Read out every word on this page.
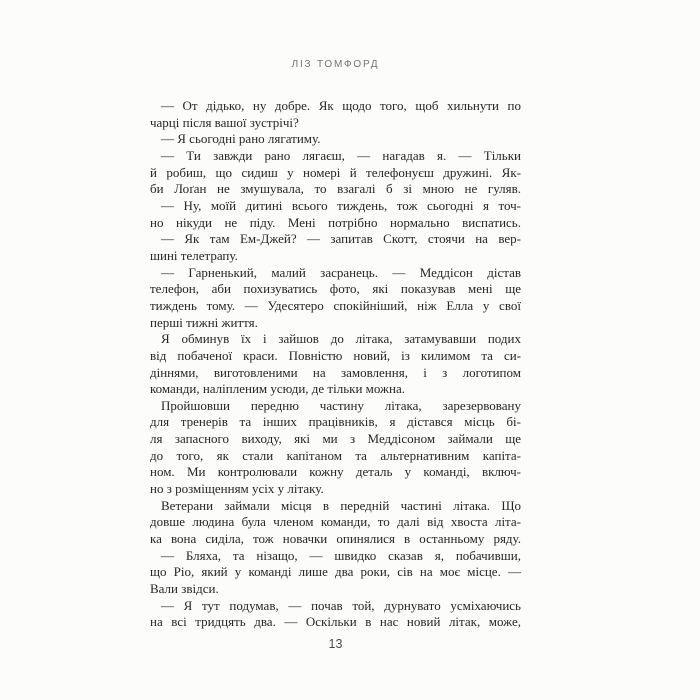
ЛІЗ ТОМФОРД
— От дідько, ну добре. Як щодо того, щоб хильнути по
чарці після вашої зустрічі?
— Я сьогодні рано лягатиму.
— Ти завжди рано лягаєш, — нагадав я. — Тільки
й робиш, що сидиш у номері й телефонуєш дружині. Як-
би Лоґан не змушувала, то взагалі б зі мною не гуляв.
— Ну, моїй дитині всього тиждень, тож сьогодні я точ-
но нікуди не піду. Мені потрібно нормально виспатись.
— Як там Ем-Джей? — запитав Скотт, стоячи на вер-
шині телетрапу.
— Гарненький, малий засранець. — Меддісон дістав
телефон, аби похизуватись фото, які показував мені ще
тиждень тому. — Удесятеро спокійніший, ніж Елла у свої
перші тижні життя.
Я обминув їх і зайшов до літака, затамувавши подих
від побаченої краси. Повністю новий, із килимом та си-
діннями, виготовленими на замовлення, і з логотипом
команди, наліпленим усюди, де тільки можна.
Пройшовши передню частину літака, зарезервовану
для тренерів та інших працівників, я дістався місць бі-
ля запасного виходу, які ми з Меддісоном займали ще
до того, як стали капітаном та альтернативним капіта-
ном. Ми контролювали кожну деталь у команді, включ-
но з розміщенням усіх у літаку.
Ветерани займали місця в передній частині літака. Що
довше людина була членом команди, то далі від хвоста літа-
ка вона сиділа, тож новачки опинялися в останньому ряду.
— Бляха, та нізащо, — швидко сказав я, побачивши,
що Ріо, який у команді лише два роки, сів на моє місце. —
Вали звідси.
— Я тут подумав, — почав той, дурнувато усміхаючись
на всі тридцять два. — Оскільки в нас новий літак, може,
13
